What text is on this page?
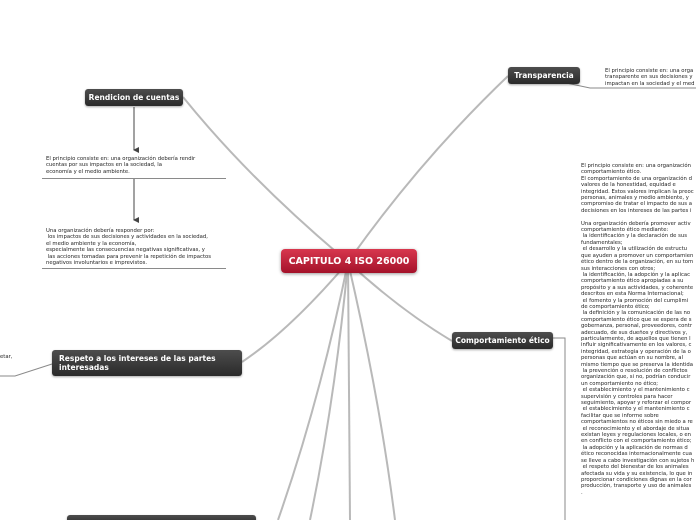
CAPITULO 4 ISO 26000
Rendicion de cuentas
Transparencia
Comportamiento ético
Respeto a los intereses de las partes
interesadas
El principio consiste en: una organización debería rendir
cuentas por sus impactos en la sociedad, la
economía y el medio ambiente.
Una organización debería responder por:
los impactos de sus decisiones y actividades en la sociedad,
el medio ambiente y la economía,
especialmente las consecuencias negativas significativas, y
las acciones tomadas para prevenir la repetición de impactos
negativos involuntarios e imprevistos.
El principio consiste en: una orga
transparente en sus decisiones y
impactan en la sociedad y el med
etar,
El principio consiste en: una organización
comportamiento ético.
El comportamiento de una organización d
valores de la honestidad, equidad e
integridad. Estos valores implican la preoc
personas, animales y medio ambiente, y
compromiso de tratar el impacto de sus a
decisiones en los intereses de las partes i

Una organización debería promover activ
comportamiento ético mediante:
la identificación y la declaración de sus
fundamentales;
el desarrollo y la utilización de estructu
que ayuden a promover un comportamien
ético dentro de la organización, en su tom
sus interacciones con otros;
la identificación, la adopción y la aplicac
comportamiento ético apropiadas a su
propósito y a sus actividades, y coherente
descritos en esta Norma Internacional;
el fomento y la promoción del cumplimi
de comportamiento ético;
la definición y la comunicación de las no
comportamiento ético que se espera de s
gobernanza, personal, proveedores, contr
adecuado, de sus dueños y directivos y,
particularmente, de aquellos que tienen l
influir significativamente en los valores, c
integridad, estrategia y operación de la o
personas que actúan en su nombre, al
mismo tiempo que se preserva la identida
la prevención o resolución de conflictos
organización que, si no, podrían conducir
un comportamiento no ético;
el establecimiento y el mantenimiento c
supervisión y controles para hacer
seguimiento, apoyar y reforzar el compor
el establecimiento y el mantenimiento c
facilitar que se informe sobre
comportamientos no éticos sin miedo a re
el reconocimiento y el abordaje de situa
existan leyes y regulaciones locales, o en
en conflicto con el comportamiento ético;
la adopción y la aplicación de normas d
ético reconocidas internacionalmente cua
se lleve a cabo investigación con sujetos h
el respeto del bienestar de los animales
afectada su vida y su existencia, lo que in
proporcionar condiciones dignas en la cor
producción, transporte y uso de animales
.
